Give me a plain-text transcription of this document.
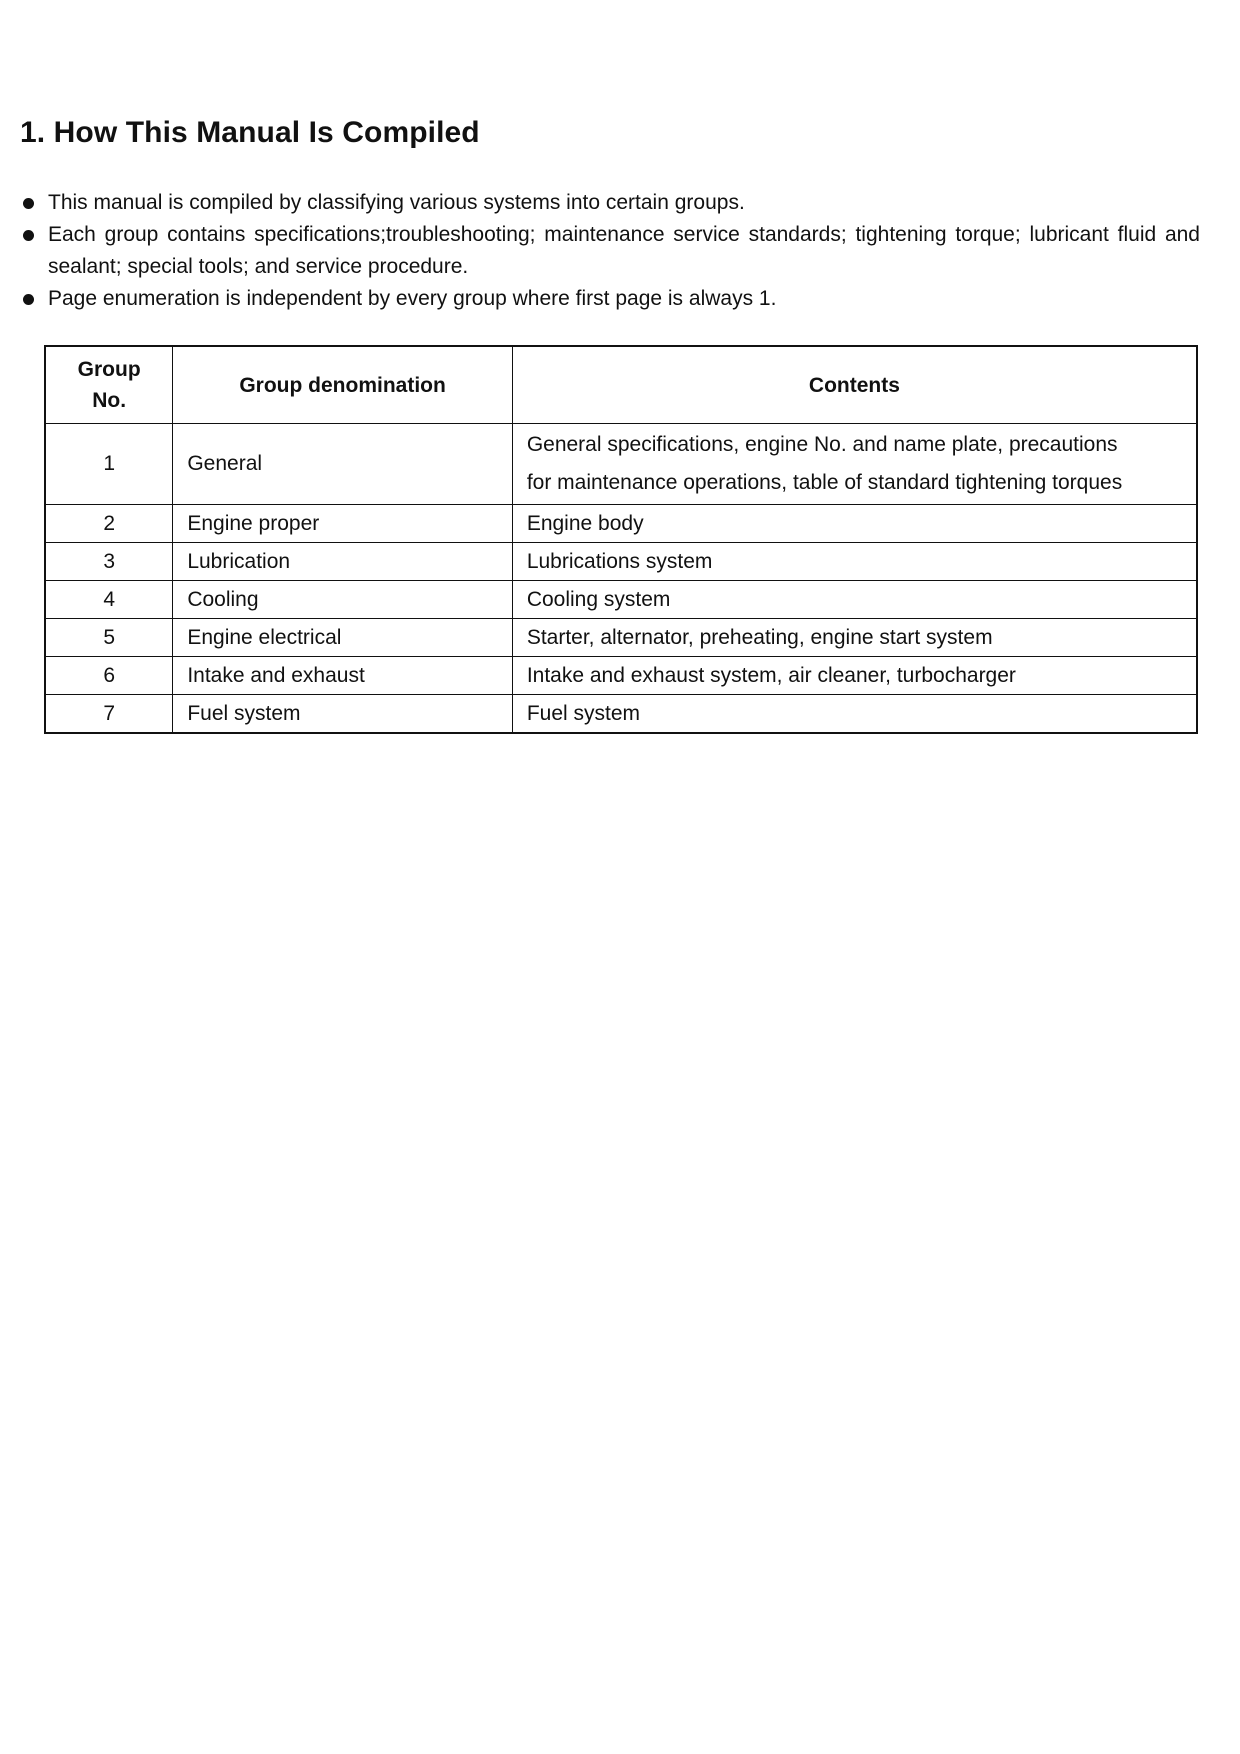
1. How This Manual Is Compiled
This manual is compiled by classifying various systems into certain groups.
Each group contains specifications;troubleshooting; maintenance service standards; tightening torque; lubricant fluid and sealant; special tools; and service procedure.
Page enumeration is independent by every group where first page is always 1.
Group
No.	Group denomination	Contents
1	General	General specifications, engine No. and name plate, precautions
for maintenance operations, table of standard tightening torques
2	Engine proper	Engine body
3	Lubrication	Lubrications system
4	Cooling	Cooling system
5	Engine electrical	Starter, alternator, preheating, engine start system
6	Intake and exhaust	Intake and exhaust system, air cleaner, turbocharger
7	Fuel system	Fuel system
